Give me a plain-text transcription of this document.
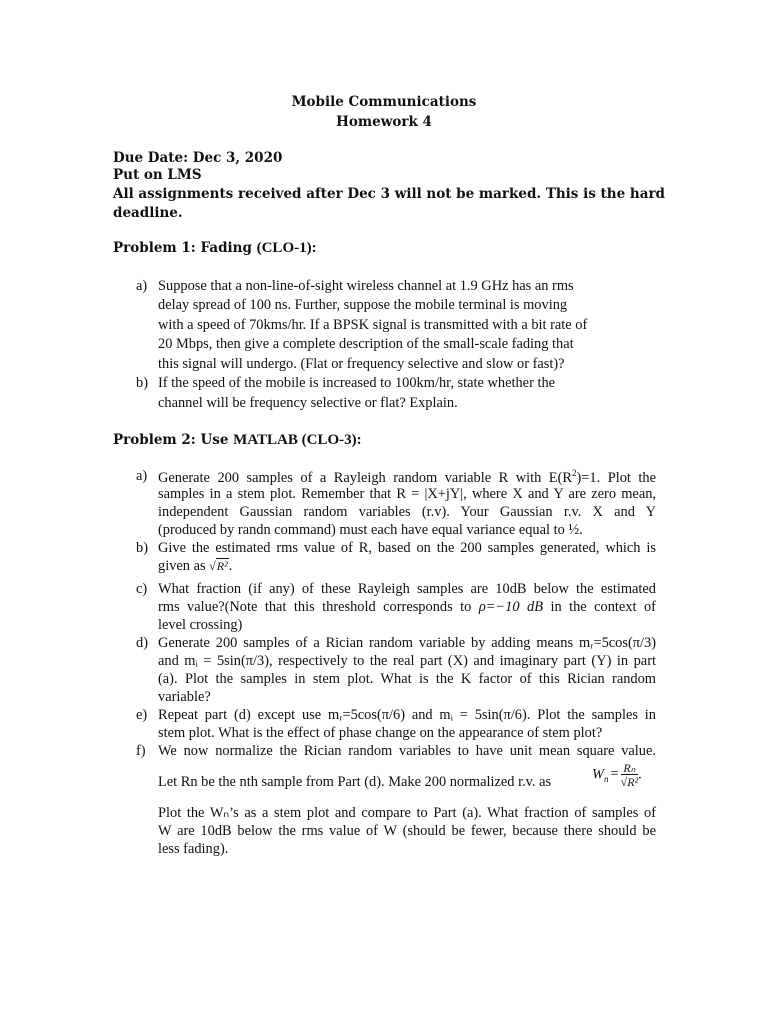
Mobile Communications
Homework 4
Due Date: Dec 3, 2020
Put on LMS
All assignments received after Dec 3 will not be marked. This is the hard
deadline.
Problem 1: Fading (CLO-1):
a) Suppose that a non-line-of-sight wireless channel at 1.9 GHz has an rms
delay spread of 100 ns. Further, suppose the mobile terminal is moving
with a speed of 70kms/hr. If a BPSK signal is transmitted with a bit rate of
20 Mbps, then give a complete description of the small-scale fading that
this signal will undergo. (Flat or frequency selective and slow or fast)?
b) If the speed of the mobile is increased to 100km/hr, state whether the
channel will be frequency selective or flat? Explain.
Problem 2: Use MATLAB (CLO-3):
a) Generate 200 samples of a Rayleigh random variable R with $E(R^2)=1$. Plot the
samples in a stem plot. Remember that R = |X+jY|, where X and Y are zero mean,
independent Gaussian random variables (r.v). Your Gaussian r.v. X and Y
(produced by randn command) must each have equal variance equal to ½.
b) Give the estimated rms value of R, based on the 200 samples generated, which is
given as √R².
c) What fraction (if any) of these Rayleigh samples are 10dB below the estimated
rms value?(Note that this threshold corresponds to ρ=−10 dB in the context of
level crossing)
d) Generate 200 samples of a Rician random variable by adding means mᵣ=5cos(π/3)
and mᵢ = 5sin(π/3), respectively to the real part (X) and imaginary part (Y) in part
(a). Plot the samples in stem plot. What is the K factor of this Rician random
variable?
e) Repeat part (d) except use mᵣ=5cos(π/6) and mᵢ = 5sin(π/6). Plot the samples in
stem plot. What is the effect of phase change on the appearance of stem plot?
f) We now normalize the Rician random variables to have unit mean square value.
Let Rn be the nth sample from Part (d). Make 200 normalized r.v. as	$W_n = \frac{\text{Rₙ}}{\text{√R²}}$ .
Plot the Wₙ’s as a stem plot and compare to Part (a). What fraction of samples of
W are 10dB below the rms value of W (should be fewer, because there should be
less fading).
